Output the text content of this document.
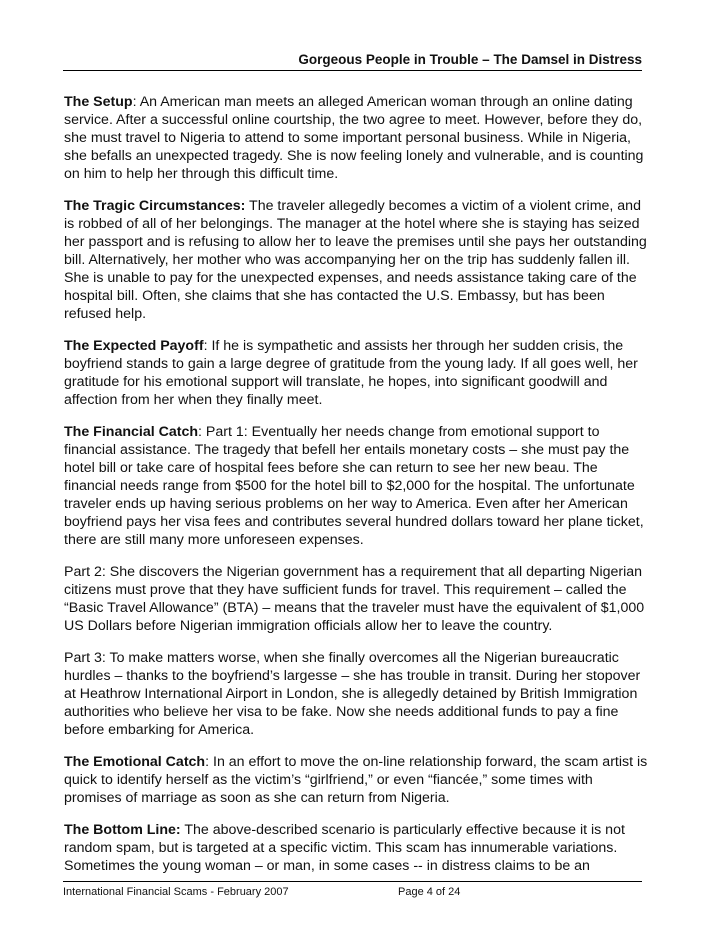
Gorgeous People in Trouble – The Damsel in Distress

The Setup: An American man meets an alleged American woman through an online dating service. After a successful online courtship, the two agree to meet. However, before they do, she must travel to Nigeria to attend to some important personal business. While in Nigeria, she befalls an unexpected tragedy. She is now feeling lonely and vulnerable, and is counting on him to help her through this difficult time.

The Tragic Circumstances: The traveler allegedly becomes a victim of a violent crime, and is robbed of all of her belongings. The manager at the hotel where she is staying has seized her passport and is refusing to allow her to leave the premises until she pays her outstanding bill. Alternatively, her mother who was accompanying her on the trip has suddenly fallen ill. She is unable to pay for the unexpected expenses, and needs assistance taking care of the hospital bill. Often, she claims that she has contacted the U.S. Embassy, but has been refused help.

The Expected Payoff: If he is sympathetic and assists her through her sudden crisis, the boyfriend stands to gain a large degree of gratitude from the young lady. If all goes well, her gratitude for his emotional support will translate, he hopes, into significant goodwill and affection from her when they finally meet.

The Financial Catch: Part 1: Eventually her needs change from emotional support to financial assistance. The tragedy that befell her entails monetary costs – she must pay the hotel bill or take care of hospital fees before she can return to see her new beau. The financial needs range from $500 for the hotel bill to $2,000 for the hospital. The unfortunate traveler ends up having serious problems on her way to America. Even after her American boyfriend pays her visa fees and contributes several hundred dollars toward her plane ticket, there are still many more unforeseen expenses.

Part 2: She discovers the Nigerian government has a requirement that all departing Nigerian citizens must prove that they have sufficient funds for travel. This requirement – called the “Basic Travel Allowance” (BTA) – means that the traveler must have the equivalent of $1,000 US Dollars before Nigerian immigration officials allow her to leave the country.

Part 3: To make matters worse, when she finally overcomes all the Nigerian bureaucratic hurdles – thanks to the boyfriend’s largesse – she has trouble in transit. During her stopover at Heathrow International Airport in London, she is allegedly detained by British Immigration authorities who believe her visa to be fake. Now she needs additional funds to pay a fine before embarking for America.

The Emotional Catch: In an effort to move the on-line relationship forward, the scam artist is quick to identify herself as the victim’s “girlfriend,” or even “fiancée,” some times with promises of marriage as soon as she can return from Nigeria.

The Bottom Line: The above-described scenario is particularly effective because it is not random spam, but is targeted at a specific victim. This scam has innumerable variations. Sometimes the young woman – or man, in some cases -- in distress claims to be an

International Financial Scams - February 2007	Page 4 of 24
